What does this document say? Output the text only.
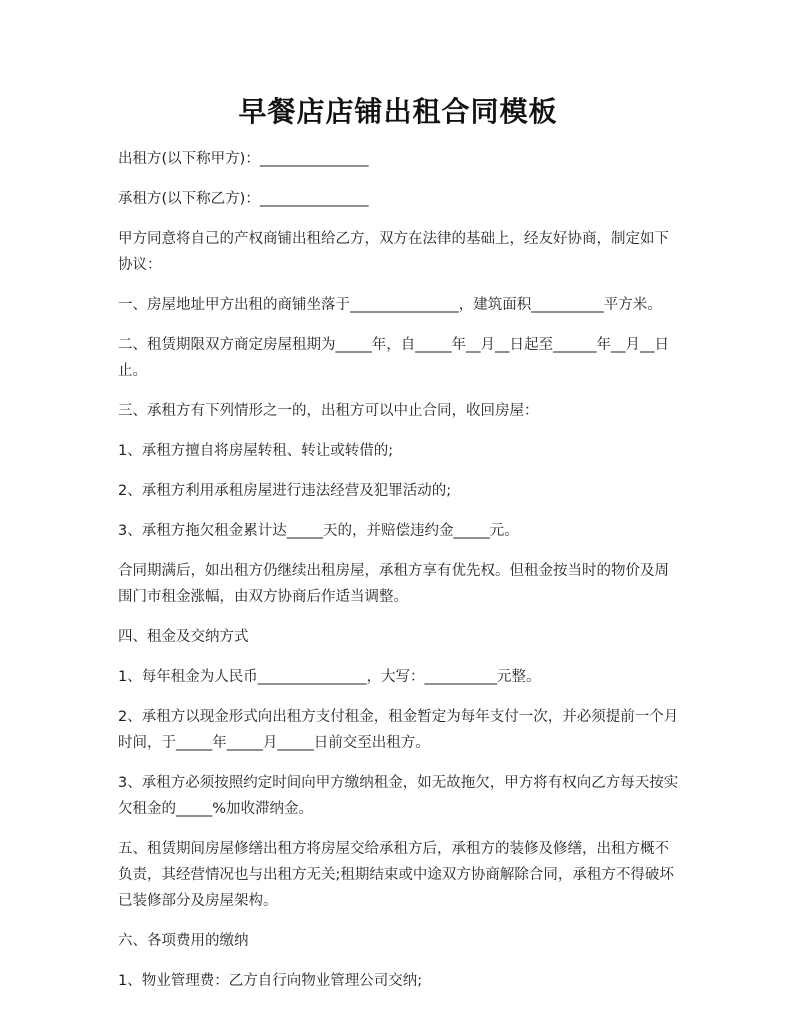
早餐店店铺出租合同模板

出租方(以下称甲方)：_______________

承租方(以下称乙方)：_______________

甲方同意将自己的产权商铺出租给乙方，双方在法律的基础上，经友好协商，制定如下协议：

一、房屋地址甲方出租的商铺坐落于_______________，建筑面积__________平方米。

二、租赁期限双方商定房屋租期为_____年，自_____年__月__日起至______年__月__日止。

三、承租方有下列情形之一的，出租方可以中止合同，收回房屋：

1、承租方擅自将房屋转租、转让或转借的;

2、承租方利用承租房屋进行违法经营及犯罪活动的;

3、承租方拖欠租金累计达_____天的，并赔偿违约金_____元。

合同期满后，如出租方仍继续出租房屋，承租方享有优先权。但租金按当时的物价及周围门市租金涨幅，由双方协商后作适当调整。

四、租金及交纳方式

1、每年租金为人民币_______________，大写：__________元整。

2、承租方以现金形式向出租方支付租金，租金暂定为每年支付一次，并必须提前一个月时间，于_____年_____月_____日前交至出租方。

3、承租方必须按照约定时间向甲方缴纳租金，如无故拖欠，甲方将有权向乙方每天按实欠租金的_____%加收滞纳金。

五、租赁期间房屋修缮出租方将房屋交给承租方后，承租方的装修及修缮，出租方概不负责，其经营情况也与出租方无关;租期结束或中途双方协商解除合同，承租方不得破坏已装修部分及房屋架构。

六、各项费用的缴纳

1、物业管理费：乙方自行向物业管理公司交纳;
